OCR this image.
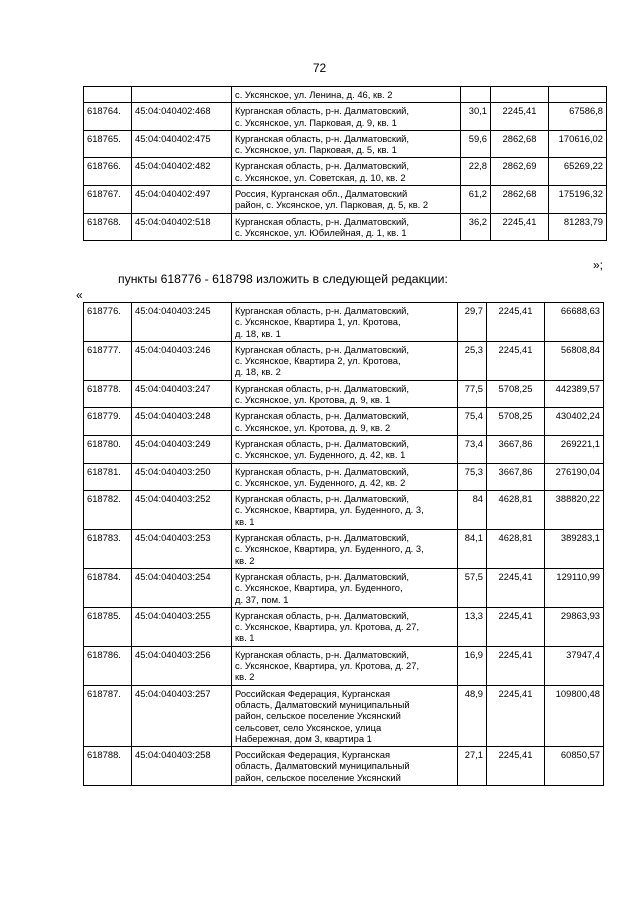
72

		с. Уксянское, ул. Ленина, д. 46, кв. 2			

618764.	45:04:040402:468	Курганская область, р-н. Далматовский,
с. Уксянское, ул. Парковая, д. 9, кв. 1	30,1	2245,41	67586,8
618765.	45:04:040402:475	Курганская область, р-н. Далматовский,
с. Уксянское, ул. Парковая, д. 5, кв. 1	59,6	2862,68	170616,02
618766.	45:04:040402:482	Курганская область, р-н. Далматовский,
с. Уксянское, ул. Советская, д. 10, кв. 2	22,8	2862,69	65269,22
618767.	45:04:040402:497	Россия, Курганская обл., Далматовский
район, с. Уксянское, ул. Парковая, д. 5, кв. 2	61,2	2862,68	175196,32
618768.	45:04:040402:518	Курганская область, р-н. Далматовский,
с. Уксянское, ул. Юбилейная, д. 1, кв. 1	36,2	2245,41	81283,79
»;
пункты 618776 - 618798 изложить в следующей редакции:
«
618776.	45:04:040403:245	Курганская область, р-н. Далматовский,
с. Уксянское, Квартира 1, ул. Кротова,
д. 18, кв. 1	29,7	2245,41	66688,63
618777.	45:04:040403:246	Курганская область, р-н. Далматовский,
с. Уксянское, Квартира 2, ул. Кротова,
д. 18, кв. 2	25,3	2245,41	56808,84
618778.	45:04:040403:247	Курганская область, р-н. Далматовский,
с. Уксянское, ул. Кротова, д. 9, кв. 1	77,5	5708,25	442389,57
618779.	45:04:040403:248	Курганская область, р-н. Далматовский,
с. Уксянское, ул. Кротова, д. 9, кв. 2	75,4	5708,25	430402,24
618780.	45:04:040403:249	Курганская область, р-н. Далматовский,
с. Уксянское, ул. Буденного, д. 42, кв. 1	73,4	3667,86	269221,1
618781.	45:04:040403:250	Курганская область, р-н. Далматовский,
с. Уксянское, ул. Буденного, д. 42, кв. 2	75,3	3667,86	276190,04
618782.	45:04:040403:252	Курганская область, р-н. Далматовский,
с. Уксянское, Квартира, ул. Буденного, д. 3,
кв. 1	84	4628,81	388820,22
618783.	45:04:040403:253	Курганская область, р-н. Далматовский,
с. Уксянское, Квартира, ул. Буденного, д. 3,
кв. 2	84,1	4628,81	389283,1
618784.	45:04:040403:254	Курганская область, р-н. Далматовский,
с. Уксянское, Квартира, ул. Буденного,
д. 37, пом. 1	57,5	2245,41	129110,99
618785.	45:04:040403:255	Курганская область, р-н. Далматовский,
с. Уксянское, Квартира, ул. Кротова, д. 27,
кв. 1	13,3	2245,41	29863,93
618786.	45:04:040403:256	Курганская область, р-н. Далматовский,
с. Уксянское, Квартира, ул. Кротова, д. 27,
кв. 2	16,9	2245,41	37947,4
618787.	45:04:040403:257	Российская Федерация, Курганская
область, Далматовский муниципальный
район, сельское поселение Уксянский
сельсовет, село Уксянское, улица
Набережная, дом 3, квартира 1	48,9	2245,41	109800,48
618788.	45:04:040403:258	Российская Федерация, Курганская
область, Далматовский муниципальный
район, сельское поселение Уксянский	27,1	2245,41	60850,57
